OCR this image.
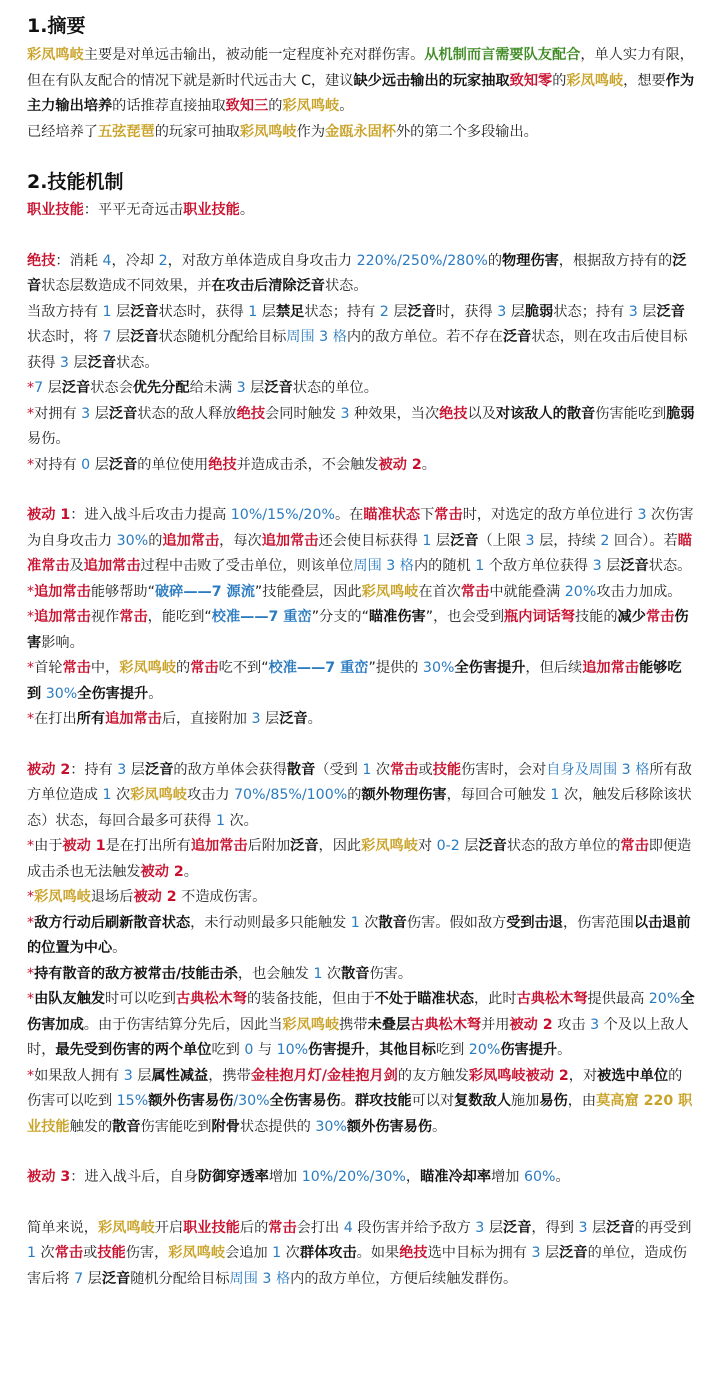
1.摘要
彩凤鸣岐主要是对单远击输出，被动能一定程度补充对群伤害。从机制而言需要队友配合，单人实力有限，但在有队友配合的情况下就是新时代远击大 C，建议缺少远击输出的玩家抽取致知零的彩凤鸣岐，想要作为主力输出培养的话推荐直接抽取致知三的彩凤鸣岐。
已经培养了五弦琵琶的玩家可抽取彩凤鸣岐作为金瓯永固杯外的第二个多段输出。
2.技能机制
职业技能：平平无奇远击职业技能。
绝技：消耗 4，冷却 2，对敌方单体造成自身攻击力 220%/250%/280%的物理伤害，根据敌方持有的泛音状态层数造成不同效果，并在攻击后清除泛音状态。
当敌方持有 1 层泛音状态时，获得 1 层禁足状态；持有 2 层泛音时，获得 3 层脆弱状态；持有 3 层泛音状态时，将 7 层泛音状态随机分配给目标周围 3 格内的敌方单位。若不存在泛音状态，则在攻击后使目标获得 3 层泛音状态。
*7 层泛音状态会优先分配给未满 3 层泛音状态的单位。
*对拥有 3 层泛音状态的敌人释放绝技会同时触发 3 种效果，当次绝技以及对该敌人的散音伤害能吃到脆弱易伤。
*对持有 0 层泛音的单位使用绝技并造成击杀，不会触发被动 2。
被动 1：进入战斗后攻击力提高 10%/15%/20%。在瞄准状态下常击时，对选定的敌方单位进行 3 次伤害为自身攻击力 30%的追加常击，每次追加常击还会使目标获得 1 层泛音（上限 3 层，持续 2 回合）。若瞄准常击及追加常击过程中击败了受击单位，则该单位周围 3 格内的随机 1 个敌方单位获得 3 层泛音状态。
*追加常击能够帮助“破碎——7 源流”技能叠层，因此彩凤鸣岐在首次常击中就能叠满 20%攻击力加成。
*追加常击视作常击，能吃到“校准——7 重峦”分支的“瞄准伤害”，也会受到瓶内词话弩技能的减少常击伤害影响。
*首轮常击中，彩凤鸣岐的常击吃不到“校准——7 重峦”提供的 30%全伤害提升，但后续追加常击能够吃到 30%全伤害提升。
*在打出所有追加常击后，直接附加 3 层泛音。
被动 2：持有 3 层泛音的敌方单体会获得散音（受到 1 次常击或技能伤害时，会对自身及周围 3 格所有敌方单位造成 1 次彩凤鸣岐攻击力 70%/85%/100%的额外物理伤害，每回合可触发 1 次，触发后移除该状态）状态，每回合最多可获得 1 次。
*由于被动 1是在打出所有追加常击后附加泛音，因此彩凤鸣岐对 0-2 层泛音状态的敌方单位的常击即便造成击杀也无法触发被动 2。
*彩凤鸣岐退场后被动 2 不造成伤害。
*敌方行动后刷新散音状态，未行动则最多只能触发 1 次散音伤害。假如敌方受到击退，伤害范围以击退前的位置为中心。
*持有散音的敌方被常击/技能击杀，也会触发 1 次散音伤害。
*由队友触发时可以吃到古典松木弩的装备技能，但由于不处于瞄准状态，此时古典松木弩提供最高 20%全伤害加成。由于伤害结算分先后，因此当彩凤鸣岐携带未叠层古典松木弩并用被动 2 攻击 3 个及以上敌人时，最先受到伤害的两个单位吃到 0 与 10%伤害提升，其他目标吃到 20%伤害提升。
*如果敌人拥有 3 层属性减益，携带金桂抱月灯/金桂抱月剑的友方触发彩凤鸣岐被动 2，对被选中单位的伤害可以吃到 15%额外伤害易伤/30%全伤害易伤。群攻技能可以对复数敌人施加易伤，由莫高窟 220 职业技能触发的散音伤害能吃到附骨状态提供的 30%额外伤害易伤。
被动 3：进入战斗后，自身防御穿透率增加 10%/20%/30%，瞄准冷却率增加 60%。
简单来说，彩凤鸣岐开启职业技能后的常击会打出 4 段伤害并给予敌方 3 层泛音，得到 3 层泛音的再受到 1 次常击或技能伤害，彩凤鸣岐会追加 1 次群体攻击。如果绝技选中目标为拥有 3 层泛音的单位，造成伤害后将 7 层泛音随机分配给目标周围 3 格内的敌方单位，方便后续触发群伤。
